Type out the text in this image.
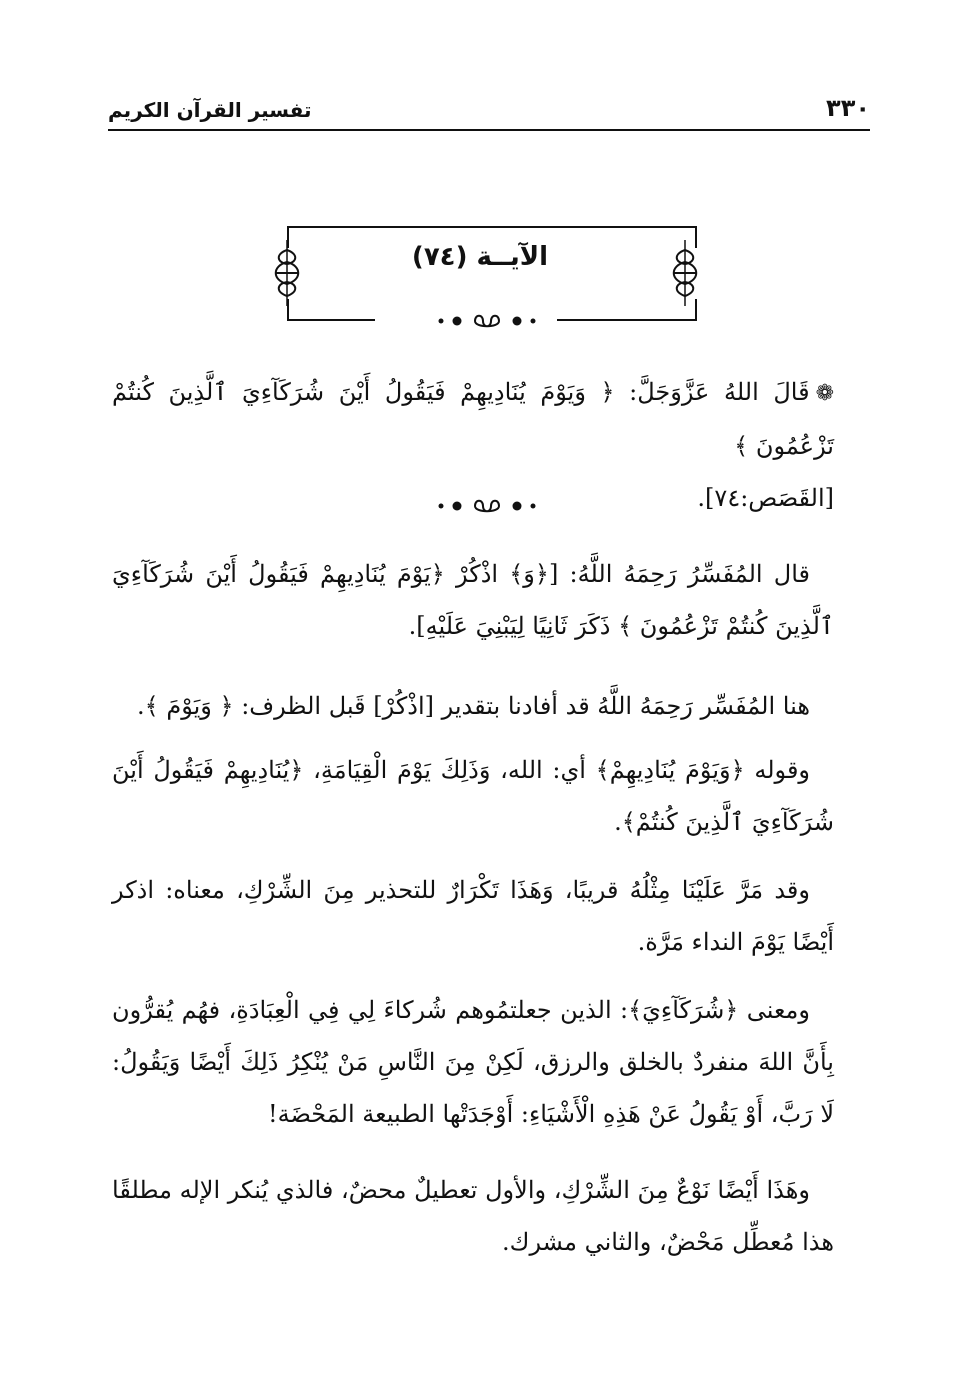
٣٣٠
تفسير القرآن الكريم
الآيــة (٧٤)

❁قَالَ اللهُ عَزَّوَجَلَّ: ﴿ وَيَوْمَ يُنَادِيهِمْ فَيَقُولُ أَيْنَ شُرَكَآءِيَ ٱلَّذِينَ كُنتُمْ تَزْعُمُونَ ﴾
[القَصَص:٧٤].

قال المُفَسِّرُ رَحِمَهُ اللَّهُ: [﴿وَ﴾ اذْكُرْ ﴿يَوْمَ يُنَادِيهِمْ فَيَقُولُ أَيْنَ شُرَكَآءِيَ ٱلَّذِينَ كُنتُمْ تَزْعُمُونَ ﴾ ذَكَرَ ثَانِيًا لِيَبْنِيَ عَلَيْهِ].

هنا المُفَسِّر رَحِمَهُ اللَّهُ قد أفادنا بتقدير [اذْكُرْ] قَبل الظرف: ﴿ وَيَوْمَ ﴾.

وقوله ﴿وَيَوْمَ يُنَادِيهِمْ﴾ أي: الله، وَذَلِكَ يَوْمَ الْقِيَامَةِ، ﴿يُنَادِيهِمْ فَيَقُولُ أَيْنَ شُرَكَآءِيَ ٱلَّذِينَ كُنتُمْ﴾.

وقد مَرَّ عَلَيْنَا مِثْلُهُ قريبًا، وَهَذَا تَكْرَارٌ للتحذير مِنَ الشِّرْكِ، معناه: اذكر أَيْضًا يَوْمَ النداء مَرَّة.

ومعنى ﴿شُرَكَآءِيَ﴾: الذين جعلتمُوهم شُركاءَ لِي فِي الْعِبَادَةِ، فهُم يُقرُّون بِأَنَّ اللهَ منفردٌ بالخلق والرزق، لَكِنْ مِنَ النَّاسِ مَنْ يُنْكِرُ ذَلِكَ أَيْضًا وَيَقُولُ: لَا رَبَّ، أَوْ يَقُولُ عَنْ هَذِهِ الْأَشْيَاءِ: أَوْجَدَتْها الطبيعة المَحْضَة!

وهَذَا أَيْضًا نَوْعٌ مِنَ الشِّرْكِ، والأول تعطيلٌ محضٌ، فالذي يُنكر الإله مطلقًا هذا مُعطِّل مَحْضٌ، والثاني مشرك.
